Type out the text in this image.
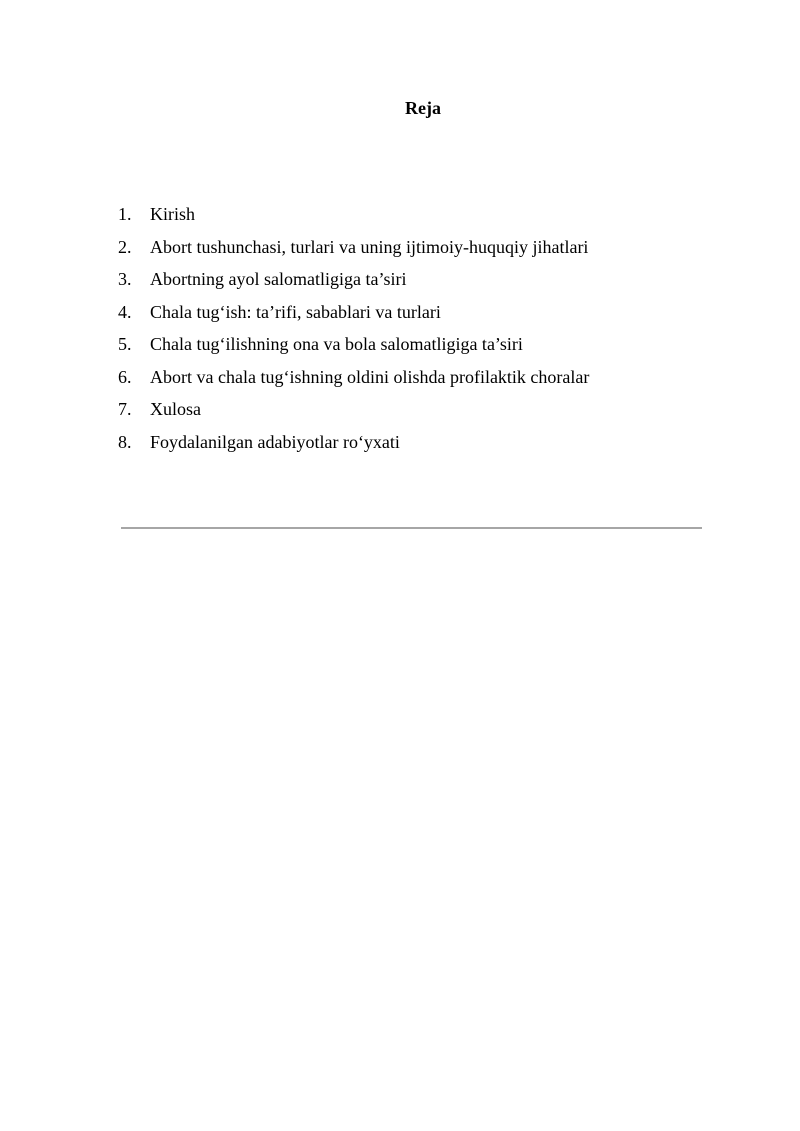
Reja
1.	Kirish
2.	Abort tushunchasi, turlari va uning ijtimoiy-huquqiy jihatlari
3.	Abortning ayol salomatligiga ta’siri
4.	Chala tug‘ish: ta’rifi, sabablari va turlari
5.	Chala tug‘ilishning ona va bola salomatligiga ta’siri
6.	Abort va chala tug‘ishning oldini olishda profilaktik choralar
7.	Xulosa
8.	Foydalanilgan adabiyotlar ro‘yxati
